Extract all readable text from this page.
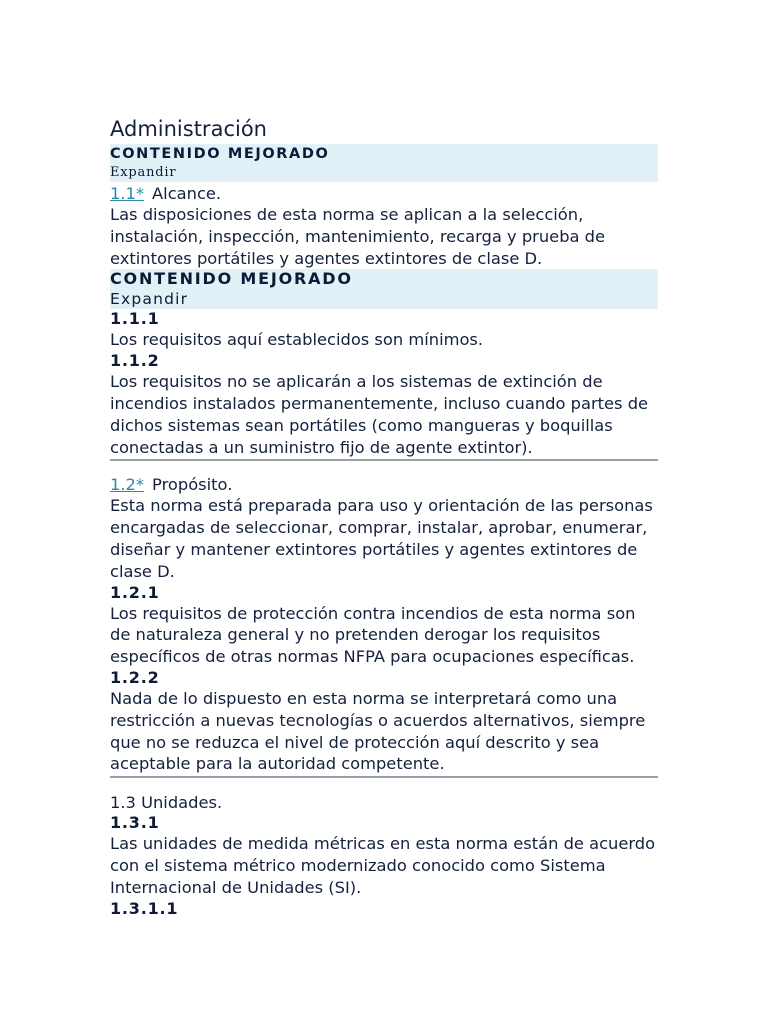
Administración
CONTENIDO MEJORADO
Expandir

1.1* Alcance.

Las disposiciones de esta norma se aplican a la selección, instalación, inspección, mantenimiento, recarga y prueba de extintores portátiles y agentes extintores de clase D.

CONTENIDO MEJORADO
Expandir

1.1.1

Los requisitos aquí establecidos son mínimos.

1.1.2

Los requisitos no se aplicarán a los sistemas de extinción de incendios instalados permanentemente, incluso cuando partes de dichos sistemas sean portátiles (como mangueras y boquillas conectadas a un suministro fijo de agente extintor).

1.2* Propósito.

Esta norma está preparada para uso y orientación de las personas encargadas de seleccionar, comprar, instalar, aprobar, enumerar, diseñar y mantener extintores portátiles y agentes extintores de clase D.

1.2.1

Los requisitos de protección contra incendios de esta norma son de naturaleza general y no pretenden derogar los requisitos específicos de otras normas NFPA para ocupaciones específicas.

1.2.2

Nada de lo dispuesto en esta norma se interpretará como una restricción a nuevas tecnologías o acuerdos alternativos, siempre que no se reduzca el nivel de protección aquí descrito y sea aceptable para la autoridad competente.

1.3 Unidades.

1.3.1

Las unidades de medida métricas en esta norma están de acuerdo con el sistema métrico modernizado conocido como Sistema Internacional de Unidades (SI).

1.3.1.1
